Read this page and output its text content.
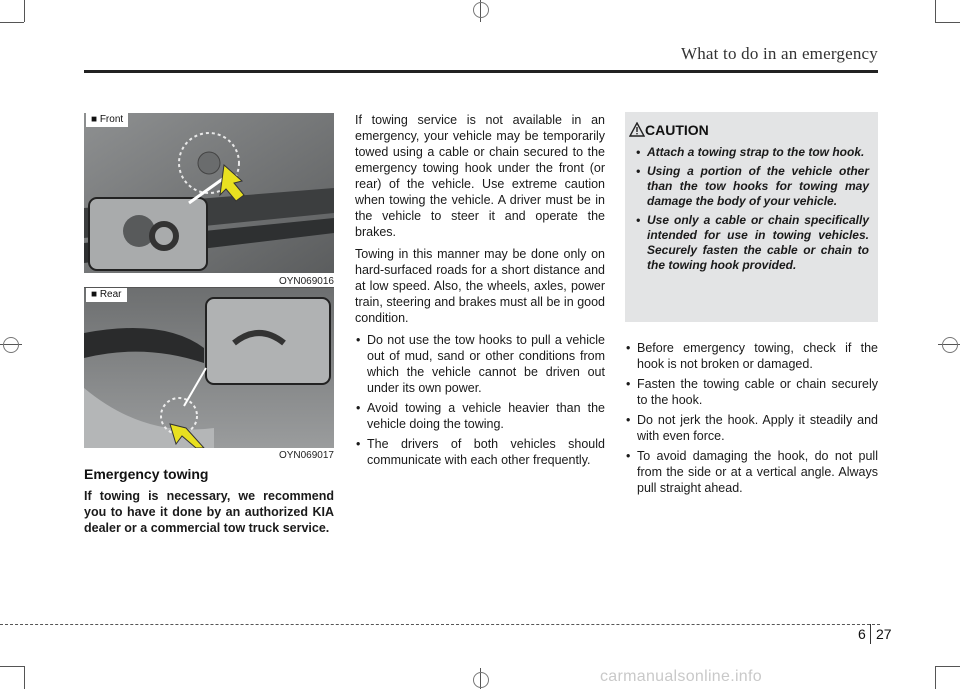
What to do in an emergency
■ Front
OYN069016
■ Rear
OYN069017
Emergency towing
If towing is necessary, we recommend you to have it done by an authorized KIA dealer or a commercial tow truck service.

If towing service is not available in an emergency, your vehicle may be temporarily towed using a cable or chain secured to the emergency towing hook under the front (or rear) of the vehicle. Use extreme caution when towing the vehicle. A driver must be in the vehicle to steer it and operate the brakes.

Towing in this manner may be done only on hard-surfaced roads for a short distance and at low speed. Also, the wheels, axles, power train, steering and brakes must all be in good condition.

• Do not use the tow hooks to pull a vehicle out of mud, sand or other conditions from which the vehicle cannot be driven out under its own power.
• Avoid towing a vehicle heavier than the vehicle doing the towing.
• The drivers of both vehicles should communicate with each other frequently.
CAUTION
• Attach a towing strap to the tow hook.
• Using a portion of the vehicle other than the tow hooks for towing may damage the body of your vehicle.
• Use only a cable or chain specifically intended for use in towing vehicles. Securely fasten the cable or chain to the towing hook provided.
• Before emergency towing, check if the hook is not broken or damaged.
• Fasten the towing cable or chain securely to the hook.
• Do not jerk the hook. Apply it steadily and with even force.
• To avoid damaging the hook, do not pull from the side or at a vertical angle. Always pull straight ahead.
6 27
carmanualsonline.info
